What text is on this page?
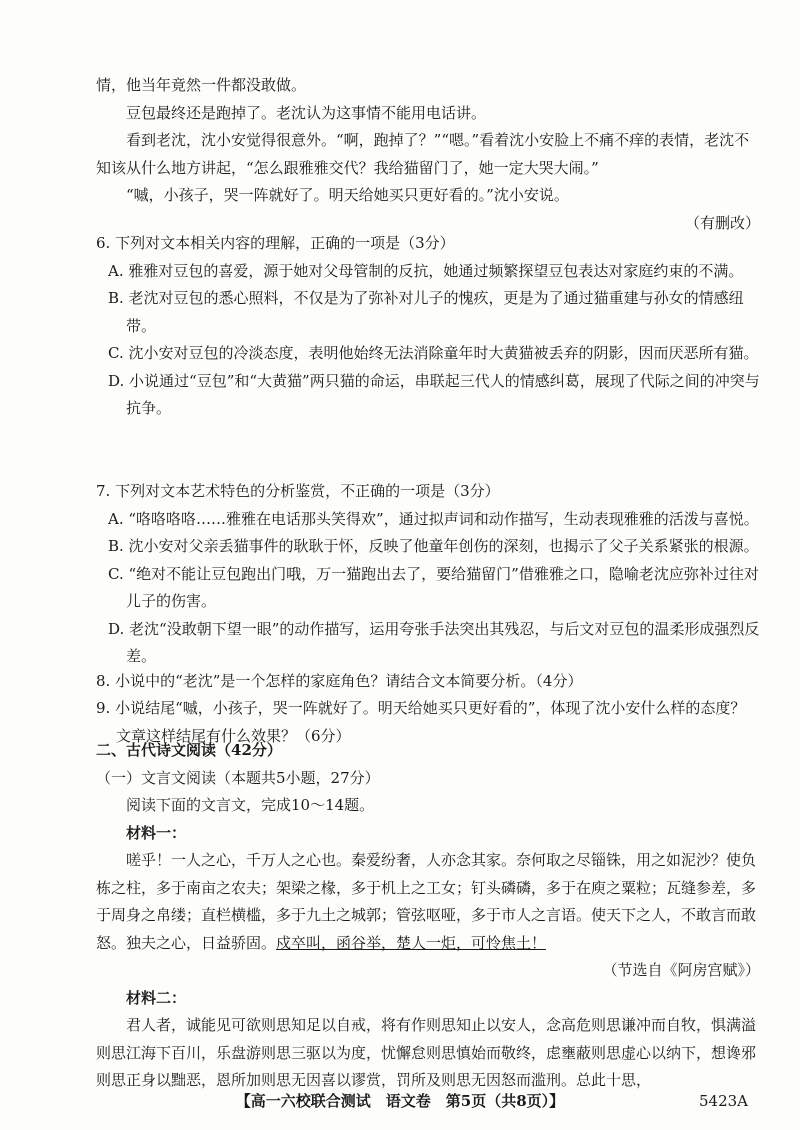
情，他当年竟然一件都没敢做。

豆包最终还是跑掉了。老沈认为这事情不能用电话讲。

看到老沈，沈小安觉得很意外。“啊，跑掉了？”“嗯。”看着沈小安脸上不痛不痒的表情，老沈不知该从什么地方讲起，“怎么跟雅雅交代？我给猫留门了，她一定大哭大闹。”

“嘁，小孩子，哭一阵就好了。明天给她买只更好看的。”沈小安说。

（有删改）

6. 下列对文本相关内容的理解，正确的一项是（3分）

A. 雅雅对豆包的喜爱，源于她对父母管制的反抗，她通过频繁探望豆包表达对家庭约束的不满。

B. 老沈对豆包的悉心照料，不仅是为了弥补对儿子的愧疚，更是为了通过猫重建与孙女的情感纽带。

C. 沈小安对豆包的冷淡态度，表明他始终无法消除童年时大黄猫被丢弃的阴影，因而厌恶所有猫。

D. 小说通过“豆包”和“大黄猫”两只猫的命运，串联起三代人的情感纠葛，展现了代际之间的冲突与抗争。

7. 下列对文本艺术特色的分析鉴赏，不正确的一项是（3分）

A. “咯咯咯咯……雅雅在电话那头笑得欢”，通过拟声词和动作描写，生动表现雅雅的活泼与喜悦。

B. 沈小安对父亲丢猫事件的耿耿于怀，反映了他童年创伤的深刻，也揭示了父子关系紧张的根源。

C. “绝对不能让豆包跑出门哦，万一猫跑出去了，要给猫留门”借雅雅之口，隐喻老沈应弥补过往对儿子的伤害。

D. 老沈“没敢朝下望一眼”的动作描写，运用夸张手法突出其残忍，与后文对豆包的温柔形成强烈反差。

8. 小说中的“老沈”是一个怎样的家庭角色？请结合文本简要分析。（4分）

9. 小说结尾“嘁，小孩子，哭一阵就好了。明天给她买只更好看的”，体现了沈小安什么样的态度？文章这样结尾有什么效果？（6分）

二、古代诗文阅读（42分）

（一）文言文阅读（本题共5小题，27分）

阅读下面的文言文，完成10～14题。

材料一：

嗟乎！一人之心，千万人之心也。秦爱纷奢，人亦念其家。奈何取之尽锱铢，用之如泥沙？使负栋之柱，多于南亩之农夫；架梁之椽，多于机上之工女；钉头磷磷，多于在庾之粟粒；瓦缝参差，多于周身之帛缕；直栏横槛，多于九土之城郭；管弦呕哑，多于市人之言语。使天下之人，不敢言而敢怒。独夫之心，日益骄固。戍卒叫，函谷举，楚人一炬，可怜焦土！

（节选自《阿房宫赋》）

材料二：

君人者，诚能见可欲则思知足以自戒，将有作则思知止以安人，念高危则思谦冲而自牧，惧满溢则思江海下百川，乐盘游则思三驱以为度，忧懈怠则思慎始而敬终，虑壅蔽则思虚心以纳下，想谗邪则思正身以黜恶，恩所加则思无因喜以谬赏，罚所及则思无因怒而滥刑。总此十思，

【高一六校联合测试　语文卷　第5页（共8页）】	5423A
